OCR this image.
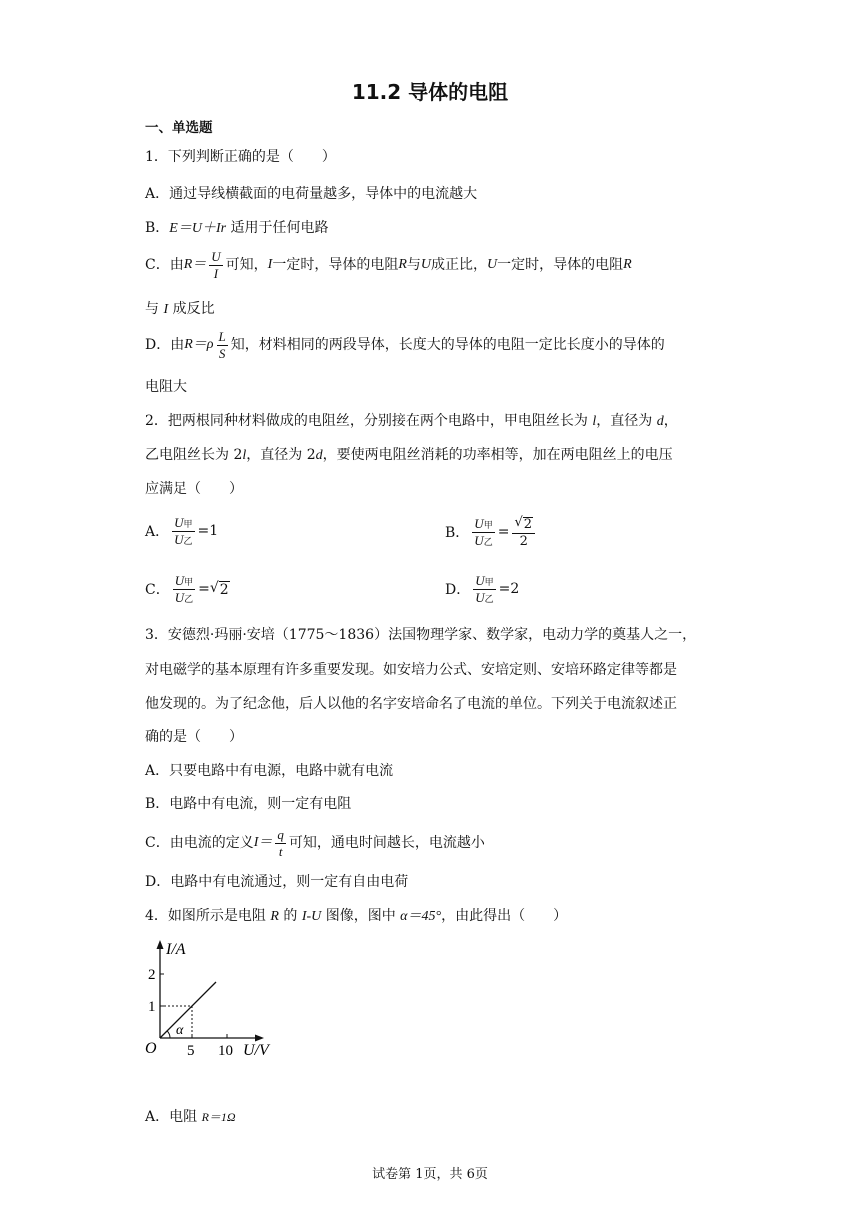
11.2 导体的电阻
一、单选题
1．下列判断正确的是（　　）
A．通过导线横截面的电荷量越多，导体中的电流越大
B．E＝U＋Ir 适用于任何电路
C．由 $R= \frac{U}{I}$ 可知， I 一定时，导体的电阻 R 与 U 成正比， U 一定时，导体的电阻 R
与 I 成反比
D．由 $R=\rho \frac{L}{S}$ 知，材料相同的两段导体，长度大的导体的电阻一定比长度小的导体的
电阻大
2．把两根同种材料做成的电阻丝，分别接在两个电路中，甲电阻丝长为 l，直径为 d，
乙电阻丝长为 2l，直径为 2d，要使两电阻丝消耗的功率相等，加在两电阻丝上的电压
应满足（　　）
A． $\frac{\text{U甲}}{\text{U乙}} = 1$	B． $\frac{\text{U甲}}{\text{U乙}} = \frac{√ 2}{2}$
C． $\frac{\text{U甲}}{\text{U乙}}$ = √ 2	D． $\frac{\text{U甲}}{\text{U乙}} = 2$
3．安德烈·玛丽·安培（1775～1836）法国物理学家、数学家，电动力学的奠基人之一，
对电磁学的基本原理有许多重要发现。如安培力公式、安培定则、安培环路定律等都是
他发现的。为了纪念他，后人以他的名字安培命名了电流的单位。下列关于电流叙述正
确的是（　　）
A．只要电路中有电源，电路中就有电流
B．电路中有电流，则一定有电阻
C．由电流的定义 $I= \frac{q}{t}$ 可知，通电时间越长，电流越小
D．电路中有电流通过，则一定有自由电荷
4．如图所示是电阻 R 的 I-U 图像，图中 α＝45°，由此得出（　　）
I/A
2
1
O 5 10 U/V
α
A．电阻 R＝1Ω
试卷第 1页，共 6页
